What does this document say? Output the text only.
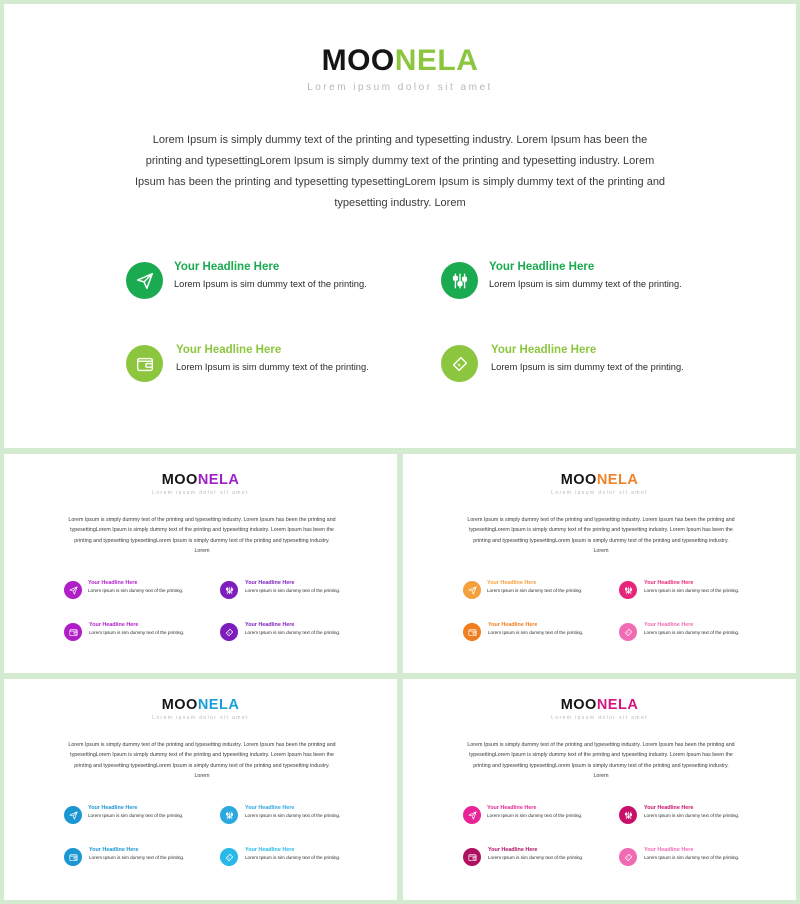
MOONELA
Lorem ipsum dolor sit amet
Lorem Ipsum is simply dummy text of the printing and typesetting industry. Lorem Ipsum has been the printing and typesettingLorem Ipsum is simply dummy text of the printing and typesetting industry. Lorem Ipsum has been the printing and typesetting typesettingLorem Ipsum is simply dummy text of the printing and typesetting industry. Lorem
Your Headline Here
Lorem Ipsum is sim dummy text of the printing.
Your Headline Here
Lorem Ipsum is sim dummy text of the printing.
Your Headline Here
Lorem Ipsum is sim dummy text of the printing.
Your Headline Here
Lorem Ipsum is sim dummy text of the printing.
MOONELA
Lorem ipsum dolor sit amet
Lorem Ipsum is simply dummy text of the printing and typesetting industry. Lorem Ipsum has been the printing and typesettingLorem Ipsum is simply dummy text of the printing and typesetting industry. Lorem Ipsum has been the printing and typesetting typesettingLorem Ipsum is simply dummy text of the printing and typesetting industry. Lorem
Your Headline Here
Lorem Ipsum is sim dummy text of the printing.
Your Headline Here
Lorem Ipsum is sim dummy text of the printing.
Your Headline Here
Lorem Ipsum is sim dummy text of the printing.
Your Headline Here
Lorem Ipsum is sim dummy text of the printing.
MOONELA
Lorem ipsum dolor sit amet
Lorem Ipsum is simply dummy text of the printing and typesetting industry. Lorem Ipsum has been the printing and typesettingLorem Ipsum is simply dummy text of the printing and typesetting industry. Lorem Ipsum has been the printing and typesetting typesettingLorem Ipsum is simply dummy text of the printing and typesetting industry. Lorem
Your Headline Here
Lorem Ipsum is sim dummy text of the printing.
Your Headline Here
Lorem Ipsum is sim dummy text of the printing.
Your Headline Here
Lorem Ipsum is sim dummy text of the printing.
Your Headline Here
Lorem Ipsum is sim dummy text of the printing.
MOONELA
Lorem ipsum dolor sit amet
Lorem Ipsum is simply dummy text of the printing and typesetting industry. Lorem Ipsum has been the printing and typesettingLorem Ipsum is simply dummy text of the printing and typesetting industry. Lorem Ipsum has been the printing and typesetting typesettingLorem Ipsum is simply dummy text of the printing and typesetting industry. Lorem
Your Headline Here
Lorem Ipsum is sim dummy text of the printing.
Your Headline Here
Lorem Ipsum is sim dummy text of the printing.
Your Headline Here
Lorem Ipsum is sim dummy text of the printing.
Your Headline Here
Lorem Ipsum is sim dummy text of the printing.
MOONELA
Lorem ipsum dolor sit amet
Lorem Ipsum is simply dummy text of the printing and typesetting industry. Lorem Ipsum has been the printing and typesettingLorem Ipsum is simply dummy text of the printing and typesetting industry. Lorem Ipsum has been the printing and typesetting typesettingLorem Ipsum is simply dummy text of the printing and typesetting industry. Lorem
Your Headline Here
Lorem Ipsum is sim dummy text of the printing.
Your Headline Here
Lorem Ipsum is sim dummy text of the printing.
Your Headline Here
Lorem Ipsum is sim dummy text of the printing.
Your Headline Here
Lorem Ipsum is sim dummy text of the printing.
